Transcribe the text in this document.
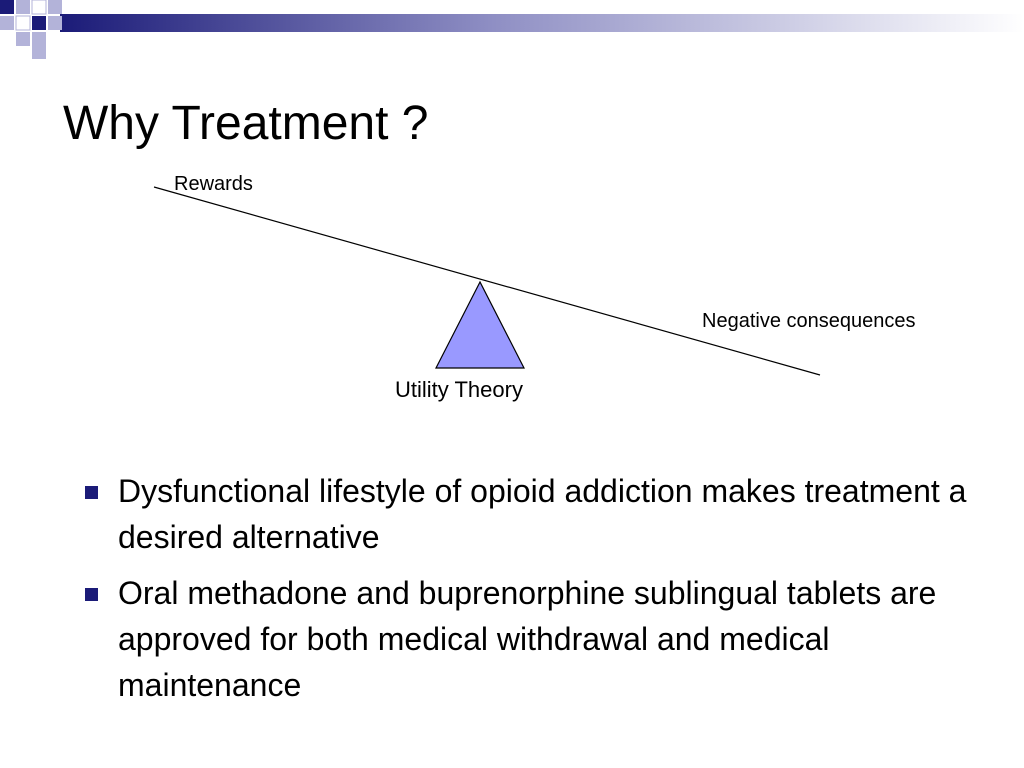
Why Treatment ?
Rewards
Negative consequences
Utility Theory
Dysfunctional lifestyle of opioid addiction makes treatment a desired alternative
Oral methadone and buprenorphine sublingual tablets are approved for both medical withdrawal and medical maintenance
